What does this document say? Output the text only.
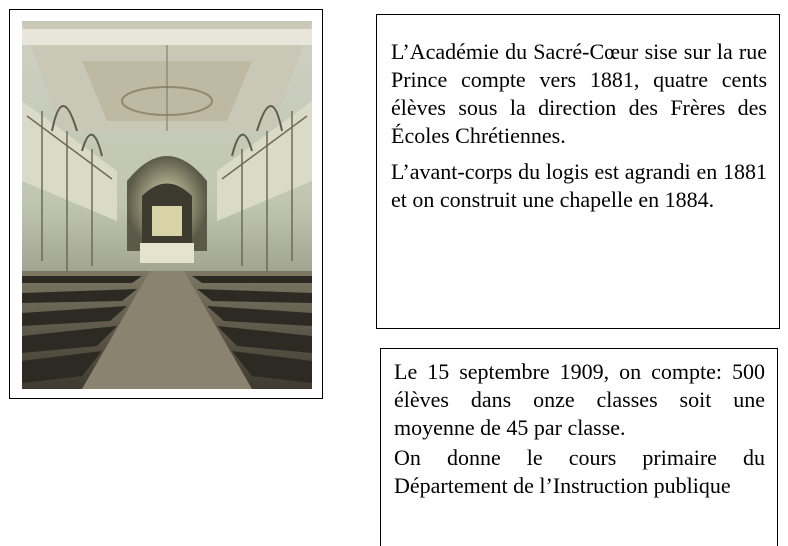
L’Académie du Sacré-Cœur sise sur la rue Prince compte vers 1881, quatre cents élèves sous la direction des Frères des Écoles Chrétiennes.

L’avant-corps du logis est agrandi en 1881 et on construit une chapelle en 1884.

Le 15 septembre 1909, on compte: 500 élèves dans onze classes soit une moyenne de 45 par classe.

On donne le cours primaire du Département de l’Instruction publique
